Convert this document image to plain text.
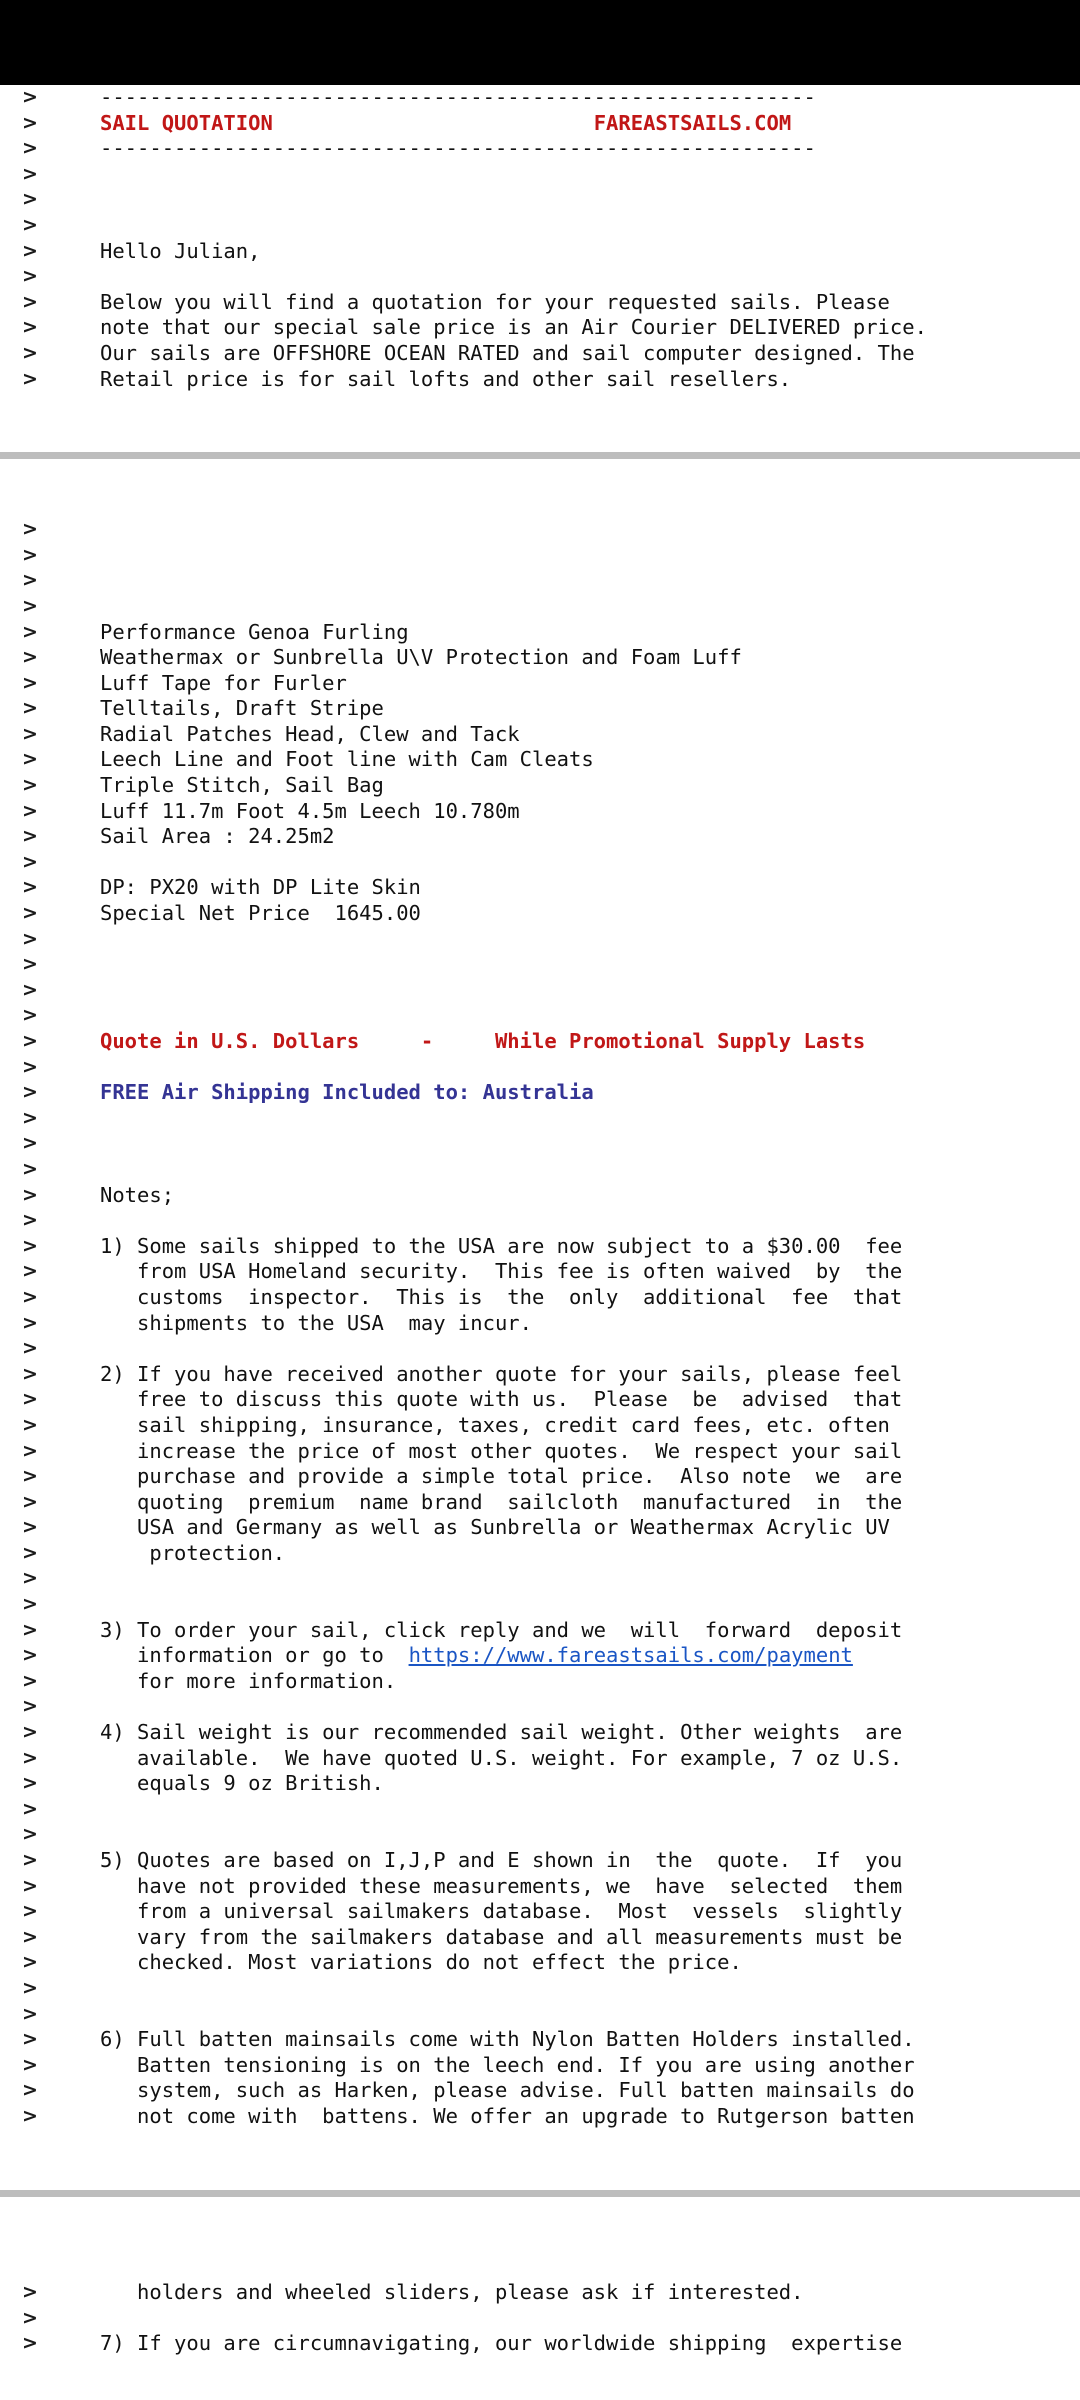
>	----------------------------------------------------------
>	SAIL QUOTATION	FAREASTSAILS.COM
>	----------------------------------------------------------
>
>
>
>	Hello Julian,
>
>	Below you will find a quotation for your requested sails. Please
>	note that our special sale price is an Air Courier DELIVERED price.
>	Our sails are OFFSHORE OCEAN RATED and sail computer designed. The
>	Retail price is for sail lofts and other sail resellers.
>
>
>
>
>	Performance Genoa Furling
>	Weathermax or Sunbrella U\V Protection and Foam Luff
>	Luff Tape for Furler
>	Telltails, Draft Stripe
>	Radial Patches Head, Clew and Tack
>	Leech Line and Foot line with Cam Cleats
>	Triple Stitch, Sail Bag
>	Luff 11.7m Foot 4.5m Leech 10.780m
>	Sail Area : 24.25m2
>
>	DP: PX20 with DP Lite Skin
>	Special Net Price  1645.00
>
>
>
>
>	Quote in U.S. Dollars     -     While Promotional Supply Lasts
>
>	FREE Air Shipping Included to: Australia
>
>
>
>	Notes;
>
>	1) Some sails shipped to the USA are now subject to a $30.00  fee
>	from USA Homeland security.  This fee is often waived  by  the
>	customs  inspector.  This is  the  only  additional  fee  that
>	shipments to the USA  may incur.
>
>	2) If you have received another quote for your sails, please feel
>	free to discuss this quote with us.  Please  be  advised  that
>	sail shipping, insurance, taxes, credit card fees, etc. often
>	increase the price of most other quotes.  We respect your sail
>	purchase and provide a simple total price.  Also note  we  are
>	quoting  premium  name brand  sailcloth  manufactured  in  the
>	USA and Germany as well as Sunbrella or Weathermax Acrylic UV
>	protection.
>
>
>	3) To order your sail, click reply and we  will  forward  deposit
>	information or go to  https://www.fareastsails.com/payment
>	for more information.
>
>	4) Sail weight is our recommended sail weight. Other weights  are
>	available.  We have quoted U.S. weight. For example, 7 oz U.S.
>	equals 9 oz British.
>
>
>	5) Quotes are based on I,J,P and E shown in  the  quote.  If  you
>	have not provided these measurements, we  have  selected  them
>	from a universal sailmakers database.  Most  vessels  slightly
>	vary from the sailmakers database and all measurements must be
>	checked. Most variations do not effect the price.
>
>
>	6) Full batten mainsails come with Nylon Batten Holders installed.
>	Batten tensioning is on the leech end. If you are using another
>	system, such as Harken, please advise. Full batten mainsails do
>	not come with  battens. We offer an upgrade to Rutgerson batten
>	holders and wheeled sliders, please ask if interested.
>
>	7) If you are circumnavigating, our worldwide shipping  expertise
